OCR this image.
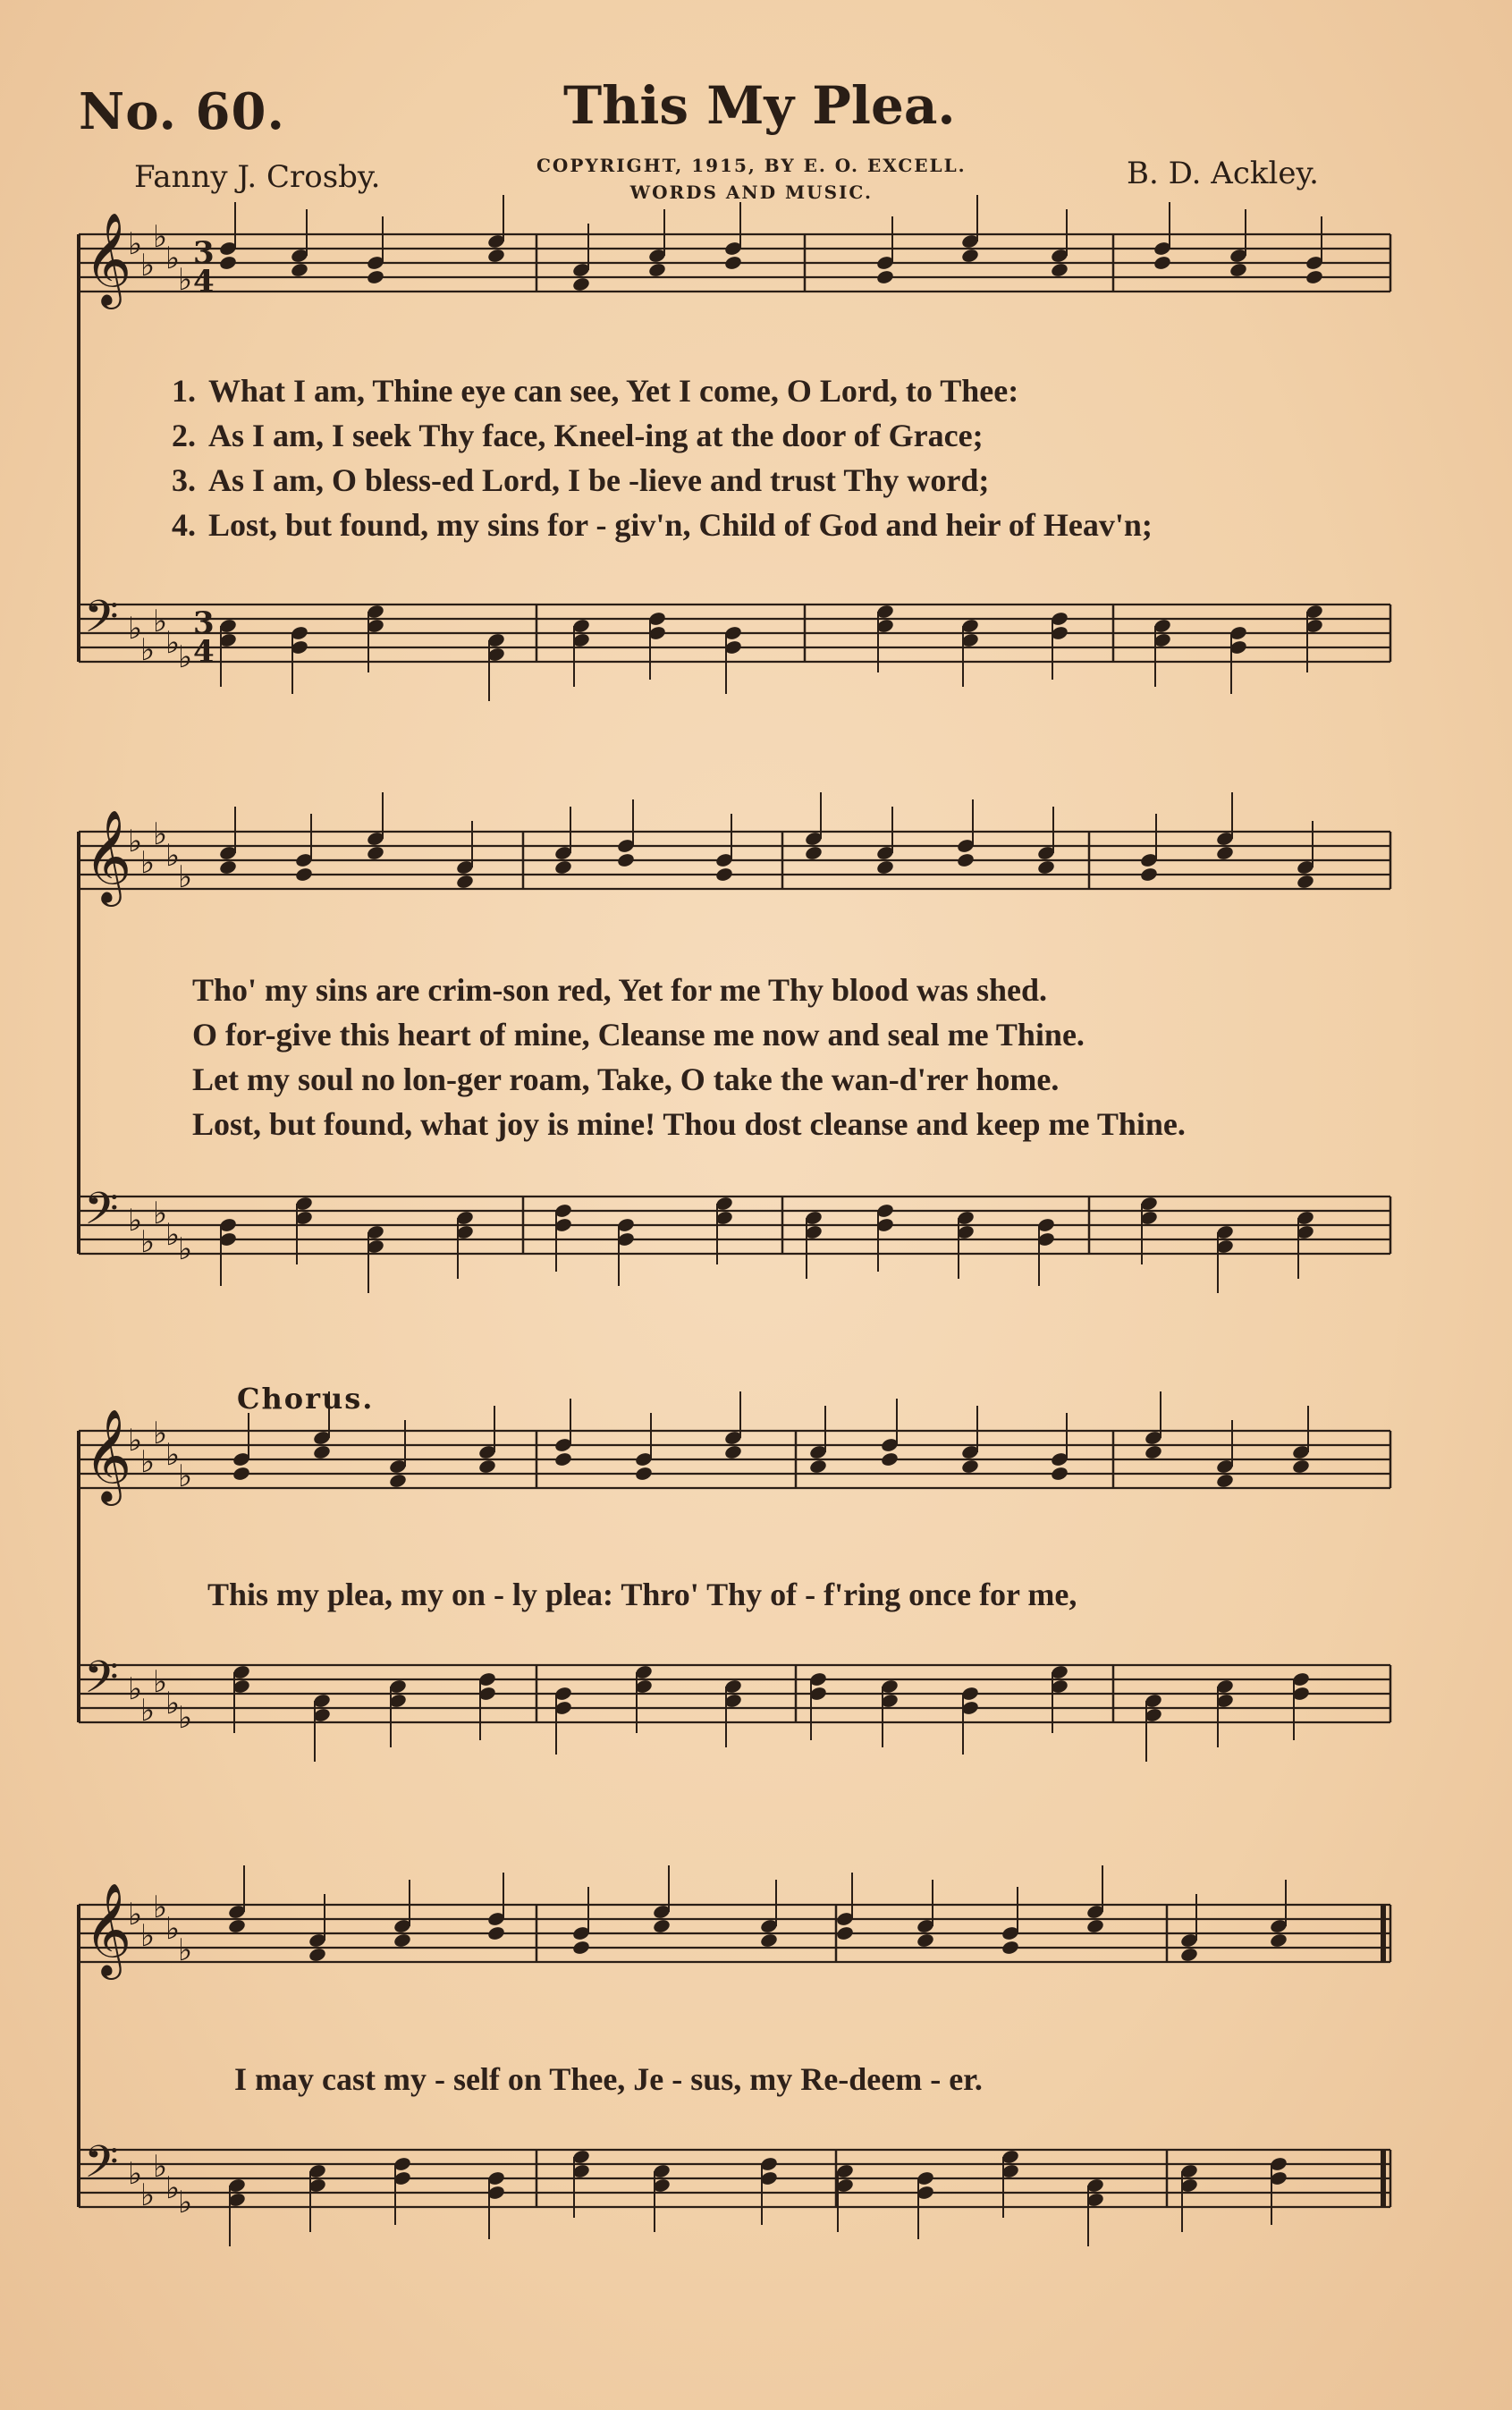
No. 60.	This My Plea.
Fanny J. Crosby.	COPYRIGHT, 1915, BY E. O. EXCELL.
WORDS AND MUSIC.
B. D. Ackley.
𝄞
♭
♭
♭
♭
♭
𝄢 ♭
♭
♭
♭
♭
𝄞
♭
♭
♭
♭
♭
𝄢 ♭
♭
♭
♭
♭
𝄞
♭
♭
♭
♭
♭
𝄢 ♭
♭
♭
♭
♭
𝄞
♭
♭
♭
♭
♭
𝄢 ♭
♭
♭
♭
♭
3
4
3
4
1. What I am, Thine eye can see, Yet I come, O Lord, to Thee:
2. As I am, I seek Thy face, Kneel-ing at the door of Grace;
3. As I am, O bless-ed Lord, I be -lieve and trust Thy word;
4. Lost, but found, my sins for - giv'n, Child of God and heir of Heav'n;
Tho' my sins are crim-son red, Yet for me Thy blood was shed.
O for-give this heart of mine, Cleanse me now and seal me Thine.
Let my soul no lon-ger roam, Take, O take the wan-d'rer home.
Lost, but found, what joy is mine! Thou dost cleanse and keep me Thine.
Chorus.
This my plea, my on - ly plea: Thro' Thy of - f'ring once for me,
I may cast my - self on Thee, Je - sus, my Re-deem - er.
